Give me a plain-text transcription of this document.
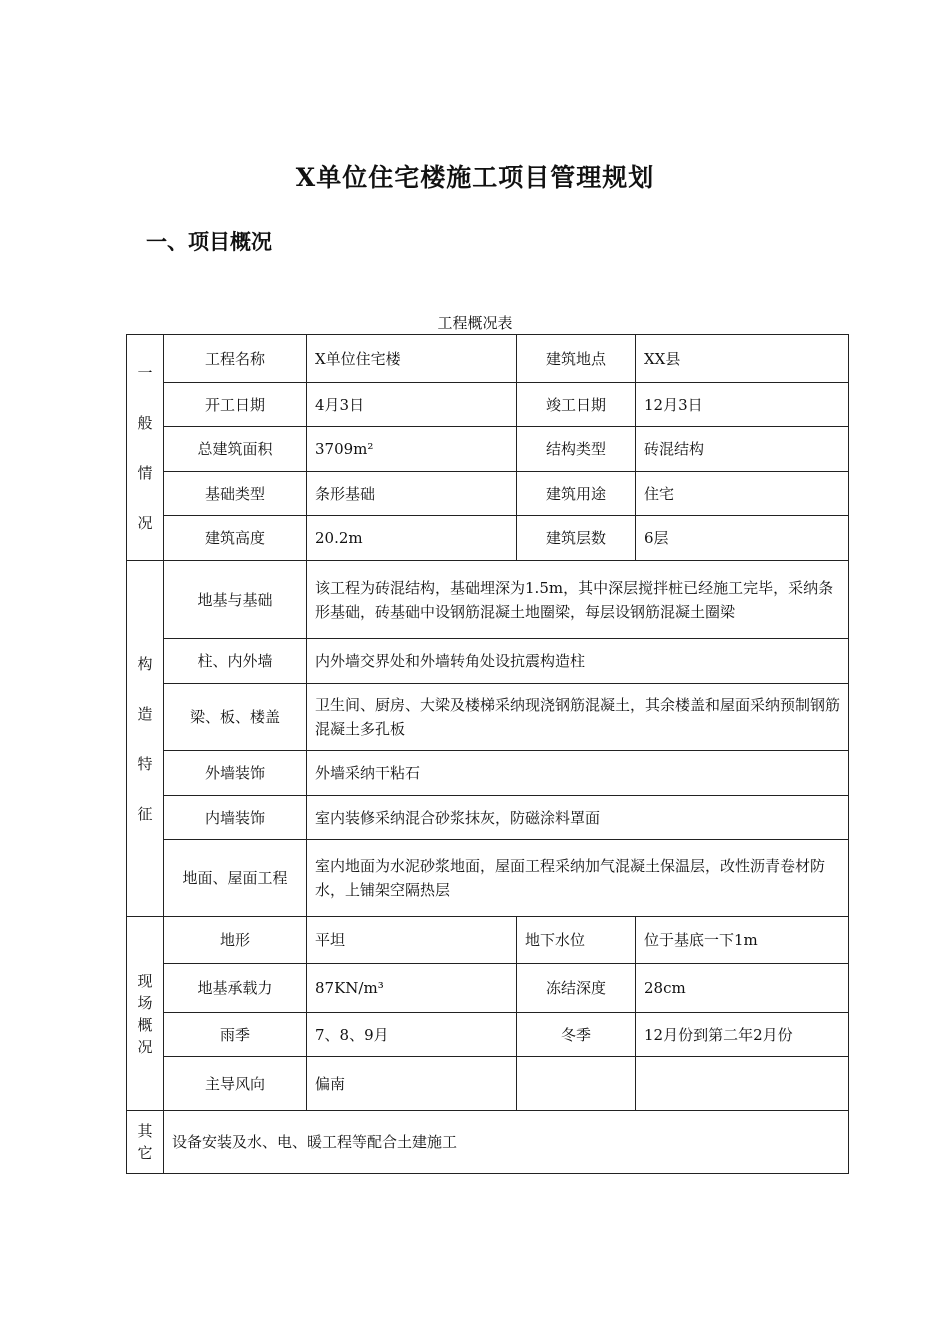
X单位住宅楼施工项目管理规划
一、项目概况
工程概况表
一
般
情
况	工程名称	X单位住宅楼	建筑地点	XX县
	开工日期	4月3日	竣工日期	12月3日
	总建筑面积	3709m²	结构类型	砖混结构
	基础类型	条形基础	建筑用途	住宅
	建筑高度	20.2m	建筑层数	6层

构
造
特
征	地基与基础	该工程为砖混结构，基础埋深为1.5m，其中深层搅拌桩已经施工完毕，采纳条形基础，砖基础中设钢筋混凝土地圈梁，每层设钢筋混凝土圈梁		
	柱、内外墙	内外墙交界处和外墙转角处设抗震构造柱		
	梁、板、楼盖	卫生间、厨房、大梁及楼梯采纳现浇钢筋混凝土，其余楼盖和屋面采纳预制钢筋混凝土多孔板		
	外墙装饰	外墙采纳干粘石		
	内墙装饰	室内装修采纳混合砂浆抹灰，防磁涂料罩面		
	地面、屋面工程	室内地面为水泥砂浆地面，屋面工程采纳加气混凝土保温层，改性沥青卷材防水，上铺架空隔热层		

现
场
概
况	地形	平坦	地下水位	位于基底一下1m
	地基承载力	87KN/m³	冻结深度	28cm
	雨季	7、8、9月	冬季	12月份到第二年2月份
	主导风向	偏南		

其
它	设备安装及水、电、暖工程等配合土建施工			
